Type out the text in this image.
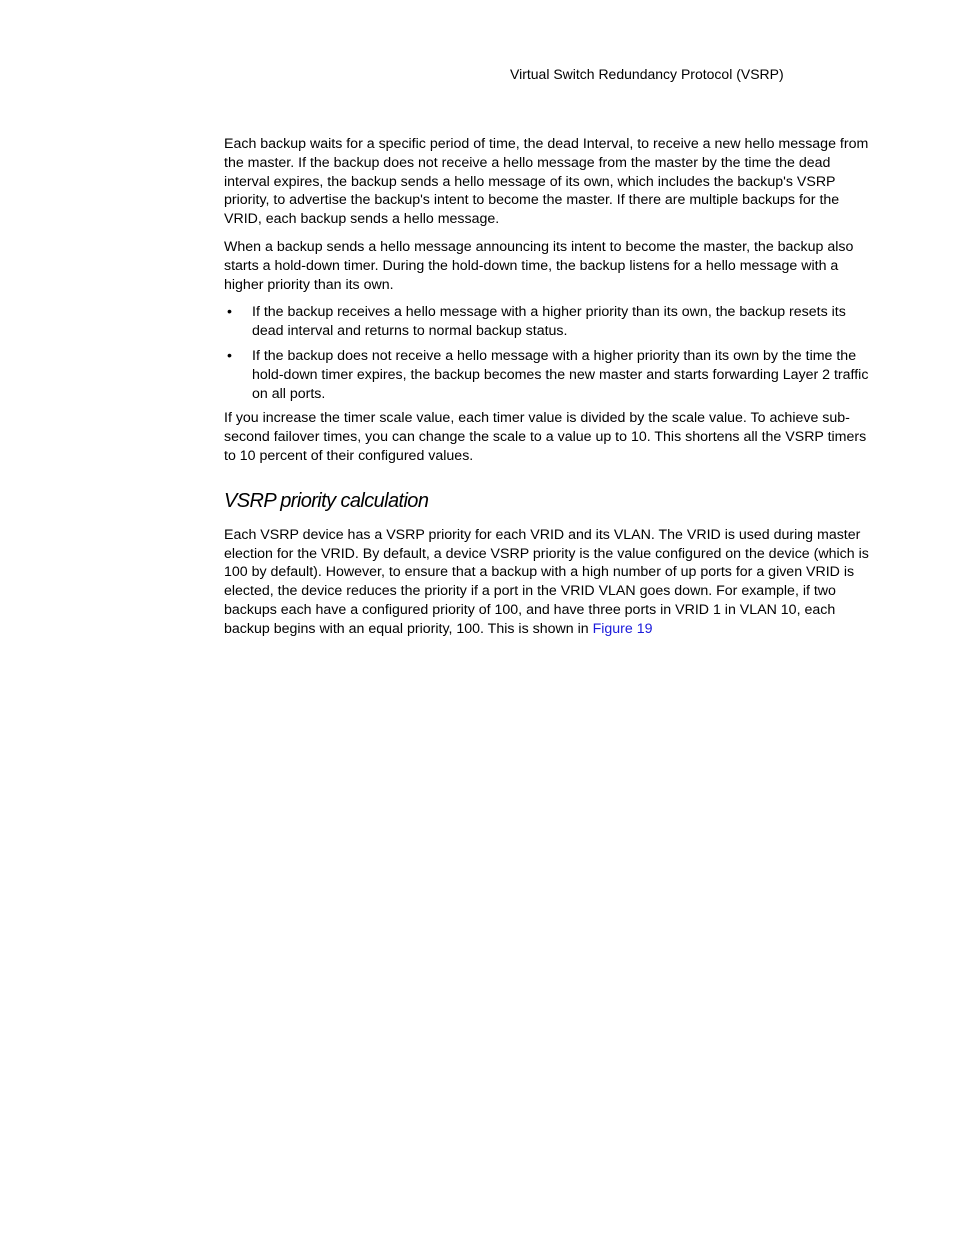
Virtual Switch Redundancy Protocol (VSRP)

Each backup waits for a specific period of time, the dead Interval, to receive a new hello message from the master. If the backup does not receive a hello message from the master by the time the dead interval expires, the backup sends a hello message of its own, which includes the backup's VSRP priority, to advertise the backup's intent to become the master. If there are multiple backups for the VRID, each backup sends a hello message.

When a backup sends a hello message announcing its intent to become the master, the backup also starts a hold-down timer. During the hold-down time, the backup listens for a hello message with a higher priority than its own.

• If the backup receives a hello message with a higher priority than its own, the backup resets its dead interval and returns to normal backup status.
• If the backup does not receive a hello message with a higher priority than its own by the time the hold-down timer expires, the backup becomes the new master and starts forwarding Layer 2 traffic on all ports.

If you increase the timer scale value, each timer value is divided by the scale value. To achieve sub-second failover times, you can change the scale to a value up to 10. This shortens all the VSRP timers to 10 percent of their configured values.

VSRP priority calculation

Each VSRP device has a VSRP priority for each VRID and its VLAN. The VRID is used during master election for the VRID. By default, a device VSRP priority is the value configured on the device (which is 100 by default). However, to ensure that a backup with a high number of up ports for a given VRID is elected, the device reduces the priority if a port in the VRID VLAN goes down. For example, if two backups each have a configured priority of 100, and have three ports in VRID 1 in VLAN 10, each backup begins with an equal priority, 100. This is shown in Figure 19
